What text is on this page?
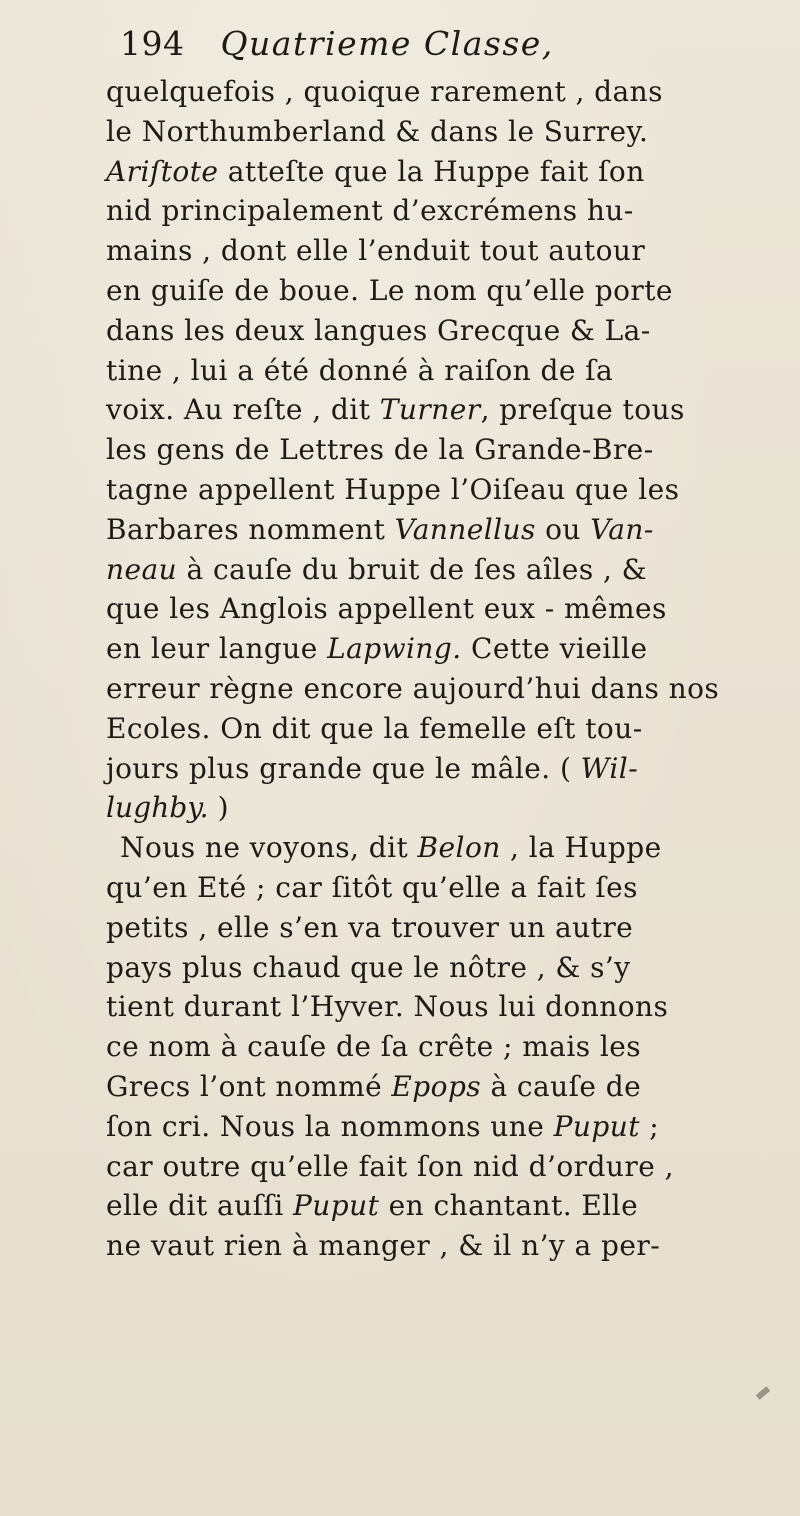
194 Quatrieme Classe,
quelquefois , quoique rarement , dans
le Northumberland & dans le Surrey.
Ariſtote atteſte que la Huppe fait ſon
nid principalement d’excrémens hu-
mains , dont elle l’enduit tout autour
en guiſe de boue. Le nom qu’elle porte
dans les deux langues Grecque & La-
tine , lui a été donné à raiſon de ſa
voix. Au reſte , dit Turner, preſque tous
les gens de Lettres de la Grande-Bre-
tagne appellent Huppe l’Oiſeau que les
Barbares nomment Vannellus ou Van-
neau à cauſe du bruit de ſes aîles , &
que les Anglois appellent eux - mêmes
en leur langue Lapwing. Cette vieille
erreur règne encore aujourd’hui dans nos
Ecoles. On dit que la femelle eſt tou-
jours plus grande que le mâle. ( Wil-
lughby. )
Nous ne voyons, dit Belon , la Huppe
qu’en Eté ; car ſitôt qu’elle a fait ſes
petits , elle s’en va trouver un autre
pays plus chaud que le nôtre , & s’y
tient durant l’Hyver. Nous lui donnons
ce nom à cauſe de ſa crête ; mais les
Grecs l’ont nommé Epops à cauſe de
ſon cri. Nous la nommons une Puput ;
car outre qu’elle fait ſon nid d’ordure ,
elle dit auſſi Puput en chantant. Elle
ne vaut rien à manger , & il n’y a per-
